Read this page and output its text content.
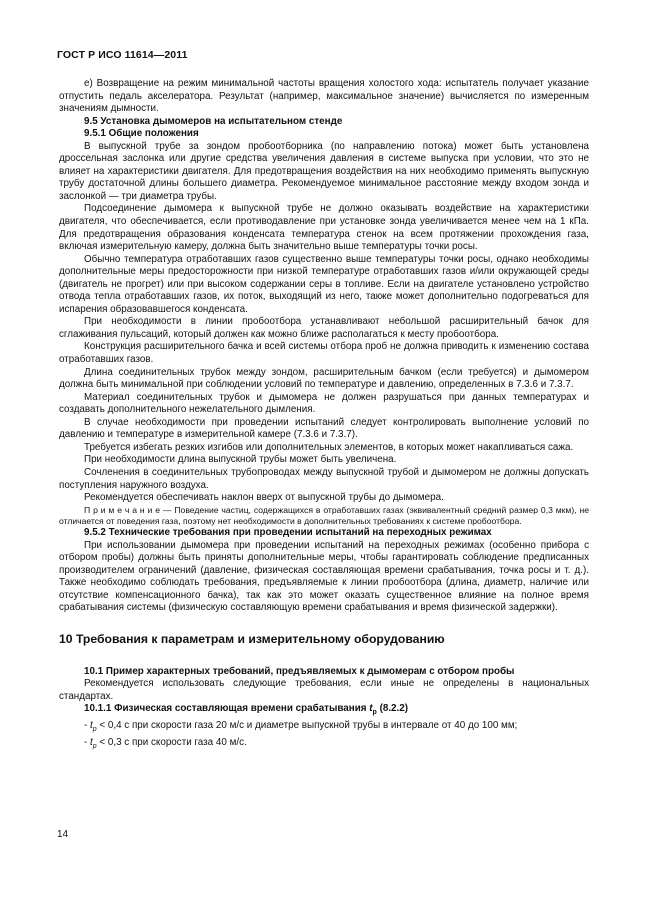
ГОСТ Р ИСО 11614—2011

е) Возвращение на режим минимальной частоты вращения холостого хода: испытатель получает указание отпустить педаль акселератора. Результат (например, максимальное значение) вычисляется по измеренным значениям дымности.

9.5 Установка дымомеров на испытательном стенде

9.5.1 Общие положения

В выпускной трубе за зондом пробоотборника (по направлению потока) может быть установлена дроссельная заслонка или другие средства увеличения давления в системе выпуска при условии, что это не влияет на характеристики двигателя. Для предотвращения воздействия на них необходимо применять выпускную трубу достаточной длины большего диаметра. Рекомендуемое минимальное расстояние между входом зонда и заслонкой — три диаметра трубы.

Подсоединение дымомера к выпускной трубе не должно оказывать воздействие на характеристики двигателя, что обеспечивается, если противодавление при установке зонда увеличивается менее чем на 1 кПа. Для предотвращения образования конденсата температура стенок на всем протяжении прохождения газа, включая измерительную камеру, должна быть значительно выше температуры точки росы.

Обычно температура отработавших газов существенно выше температуры точки росы, однако необходимы дополнительные меры предосторожности при низкой температуре отработавших газов и/или окружающей среды (двигатель не прогрет) или при высоком содержании серы в топливе. Если на двигателе установлено устройство отвода тепла отработавших газов, их поток, выходящий из него, также может дополнительно подогреваться для испарения образовавшегося конденсата.

При необходимости в линии пробоотбора устанавливают небольшой расширительный бачок для сглаживания пульсаций, который должен как можно ближе располагаться к месту пробоотбора.

Конструкция расширительного бачка и всей системы отбора проб не должна приводить к изменению состава отработавших газов.

Длина соединительных трубок между зондом, расширительным бачком (если требуется) и дымомером должна быть минимальной при соблюдении условий по температуре и давлению, определенных в 7.3.6 и 7.3.7.

Материал соединительных трубок и дымомера не должен разрушаться при данных температурах и создавать дополнительного нежелательного дымления.

В случае необходимости при проведении испытаний следует контролировать выполнение условий по давлению и температуре в измерительной камере (7.3.6 и 7.3.7).

Требуется избегать резких изгибов или дополнительных элементов, в которых может накапливаться сажа.

При необходимости длина выпускной трубы может быть увеличена.

Сочленения в соединительных трубопроводах между выпускной трубой и дымомером не должны допускать поступления наружного воздуха.

Рекомендуется обеспечивать наклон вверх от выпускной трубы до дымомера.

П р и м е ч а н и е — Поведение частиц, содержащихся в отработавших газах (эквивалентный средний размер 0,3 мкм), не отличается от поведения газа, поэтому нет необходимости в дополнительных требованиях к системе пробоотбора.

9.5.2 Технические требования при проведении испытаний на переходных режимах

При использовании дымомера при проведении испытаний на переходных режимах (особенно прибора с отбором пробы) должны быть приняты дополнительные меры, чтобы гарантировать соблюдение предписанных производителем ограничений (давление, физическая составляющая времени срабатывания, точка росы и т. д.). Также необходимо соблюдать требования, предъявляемые к линии пробоотбора (длина, диаметр, наличие или отсутствие компенсационного бачка), так как это может оказать существенное влияние на полное время срабатывания системы (физическую составляющую времени срабатывания и время физической задержки).

10 Требования к параметрам и измерительному оборудованию

10.1 Пример характерных требований, предъявляемых к дымомерам с отбором пробы

Рекомендуется использовать следующие требования, если иные не определены в национальных стандартах.

10.1.1 Физическая составляющая времени срабатывания $t_p$ (8.2.2)

- $t_p < 0,4$ с при скорости газа 20 м/с и диаметре выпускной трубы в интервале от 40 до 100 мм;

- $t_p < 0,3$ с при скорости газа 40 м/с.

14
